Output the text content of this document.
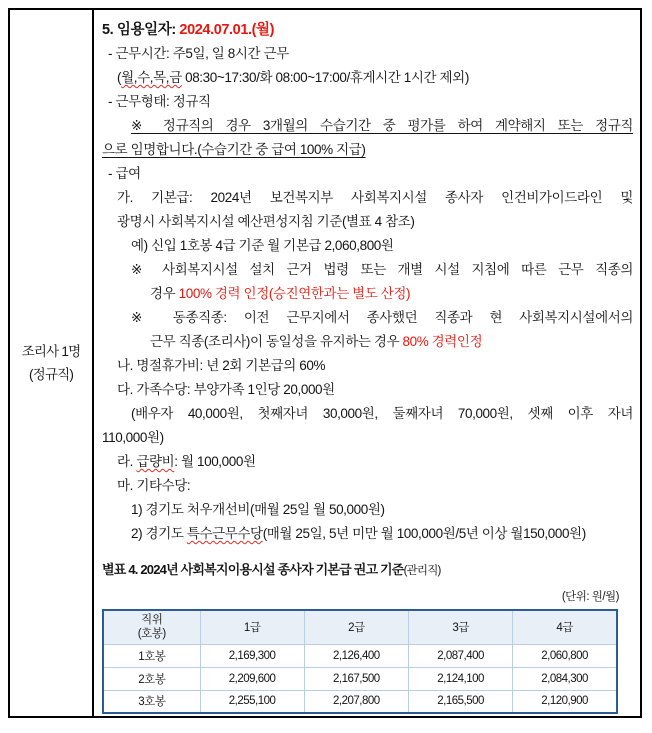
조리사 1명
(정규직)
5. 임용일자: 2024.07.01.(월)
- 근무시간: 주5일, 일 8시간 근무
(월,수,목,금 08:30~17:30/화 08:00~17:00/휴게시간 1시간 제외)
- 근무형태: 정규직
※ 정규직의 경우 3개월의 수습기간 중 평가를 하여 계약해지 또는 정규직
으로 임명합니다.(수습기간 중 급여 100% 지급)
- 급여
가. 기본급: 2024년 보건복지부 사회복지시설 종사자 인건비가이드라인 및
광명시 사회복지시설 예산편성지침 기준(별표 4 참조)
예) 신입 1호봉 4급 기준 월 기본급 2,060,800원
※ 사회복지시설 설치 근거 법령 또는 개별 시설 지침에 따른 근무 직종의
경우 100% 경력 인정(승진연한과는 별도 산정)
※ 동종직종: 이전 근무지에서 종사했던 직종과 현 사회복지시설에서의
근무 직종(조리사)이 동일성을 유지하는 경우 80% 경력인정
나. 명절휴가비: 년 2회 기본급의 60%
다. 가족수당: 부양가족 1인당 20,000원
(배우자 40,000원, 첫째자녀 30,000원, 둘째자녀 70,000원, 셋째 이후 자녀
110,000원)
라. 급량비: 월 100,000원
마. 기타수당:
1) 경기도 처우개선비(매월 25일 월 50,000원)
2) 경기도 특수근무수당(매월 25일, 5년 미만 월 100,000원/5년 이상 월150,000원)
별표 4. 2024년 사회복지이용시설 종사자 기본급 권고 기준(관리직)
(단위: 원/월)
직위
(호봉)	1급	2급	3급	4급
1호봉	2,169,300	2,126,400	2,087,400	2,060,800
2호봉	2,209,600	2,167,500	2,124,100	2,084,300
3호봉	2,255,100	2,207,800	2,165,500	2,120,900
